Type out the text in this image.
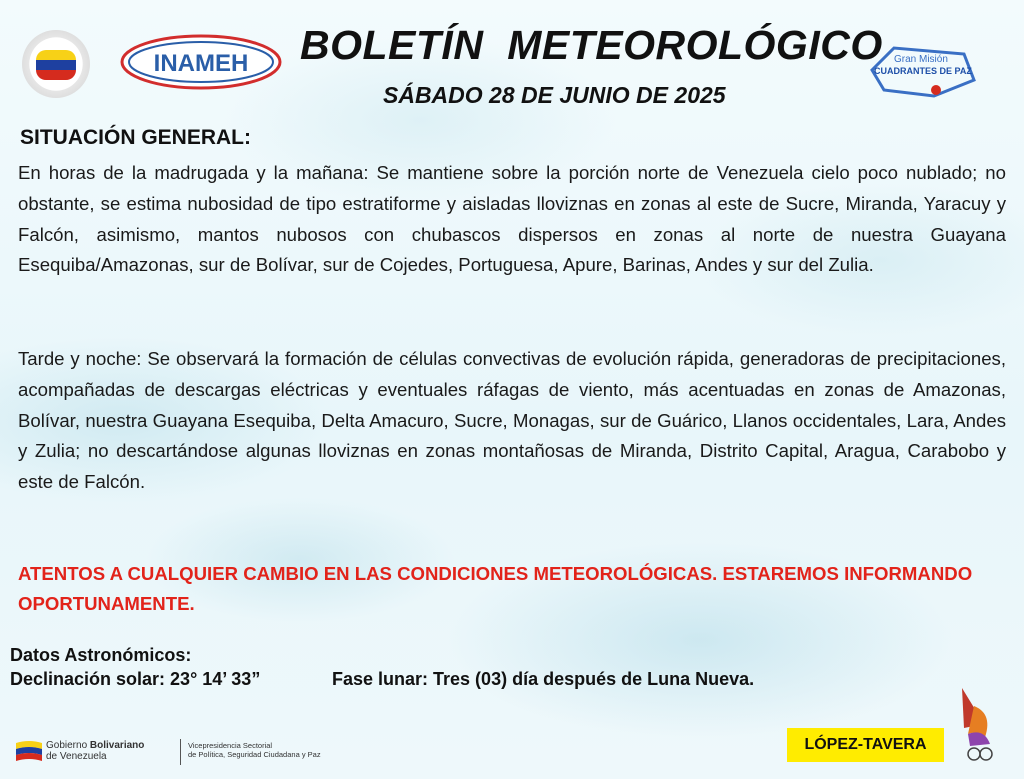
INAMEH BOLETÍN  METEOROLÓGICO
SÁBADO 28 DE JUNIO DE 2025
Gran Misión
CUADRANTES DE PAZ
SITUACIÓN GENERAL:
En horas de la madrugada y la mañana: Se mantiene sobre la porción norte de Venezuela cielo poco nublado; no obstante, se estima nubosidad de tipo estratiforme y aisladas lloviznas en zonas al este de Sucre, Miranda, Yaracuy y Falcón, asimismo, mantos nubosos con chubascos dispersos en zonas al norte de nuestra Guayana Esequiba/Amazonas, sur de Bolívar, sur de Cojedes, Portuguesa, Apure, Barinas, Andes y sur del Zulia.
Tarde y noche: Se observará la formación de células convectivas de evolución rápida, generadoras de precipitaciones, acompañadas de descargas eléctricas y eventuales ráfagas de viento, más acentuadas en zonas de Amazonas, Bolívar, nuestra Guayana Esequiba, Delta Amacuro, Sucre, Monagas, sur de Guárico, Llanos occidentales, Lara, Andes y Zulia; no descartándose algunas lloviznas en zonas montañosas de Miranda, Distrito Capital, Aragua, Carabobo y este de Falcón.
ATENTOS A CUALQUIER CAMBIO EN LAS CONDICIONES METEOROLÓGICAS. ESTAREMOS INFORMANDO OPORTUNAMENTE.
Datos Astronómicos:
Declinación solar: 23° 14’ 33”	Fase lunar: Tres (03) día después de Luna Nueva.
Gobierno Bolivariano
de Venezuela
Vicepresidencia Sectorial
de Política, Seguridad Ciudadana y Paz
LÓPEZ-TAVERA
